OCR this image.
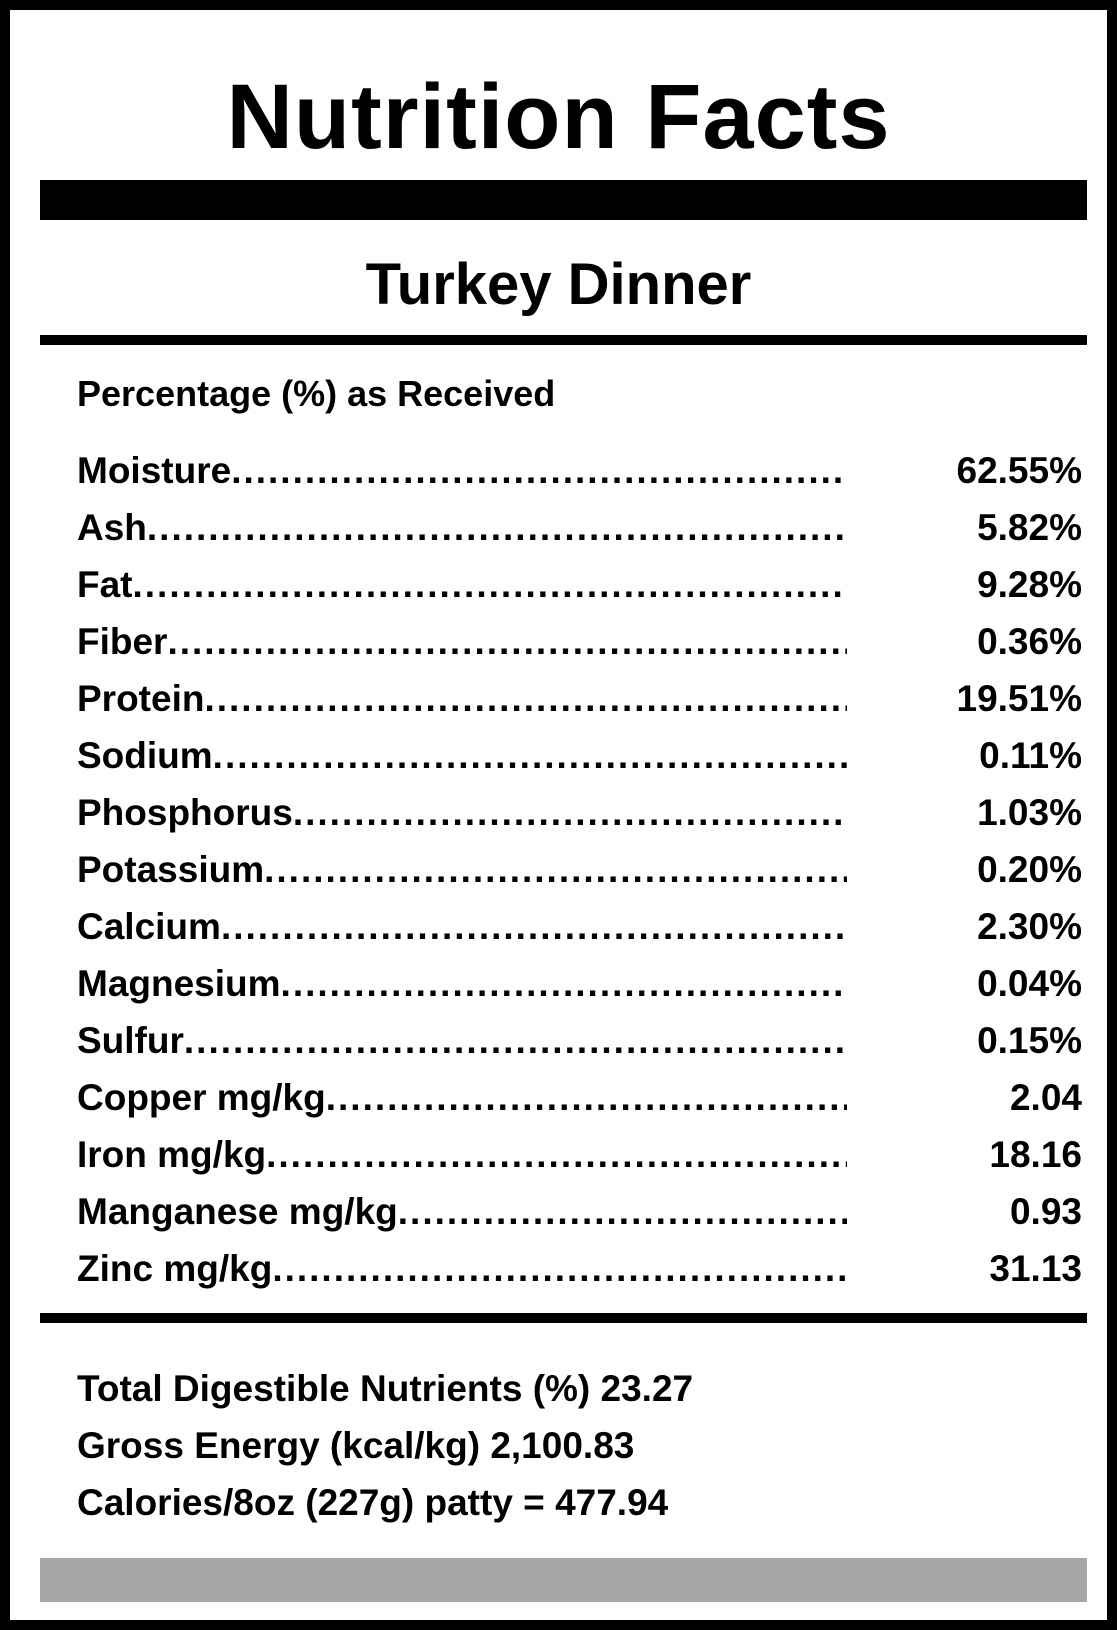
Nutrition Facts
Turkey Dinner
Percentage (%) as Received
Moisture .....	62.55%
Ash .....	5.82%
Fat .....	9.28%
Fiber .....	0.36%
Protein .....	19.51%
Sodium .....	0.11%
Phosphorus .....	1.03%
Potassium .....	0.20%
Calcium .....	2.30%
Magnesium .....	0.04%
Sulfur .....	0.15%
Copper mg/kg .....	2.04
Iron mg/kg .....	18.16
Manganese mg/kg .....	0.93
Zinc mg/kg .....	31.13
Total Digestible Nutrients (%) 23.27
Gross Energy (kcal/kg) 2,100.83
Calories/8oz (227g) patty = 477.94
